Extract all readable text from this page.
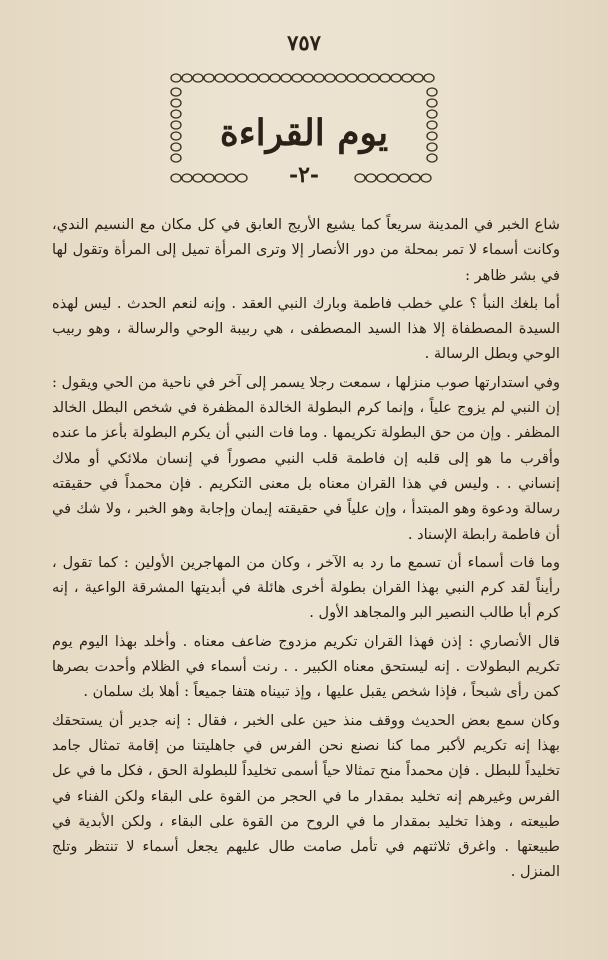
٧٥٧
يوم القراءة
-٢-

شاع الخبر في المدينة سريعاً كما يشيع الأريج العابق في كل مكان مع النسيم الندي، وكانت أسماء لا تمر بمحلة من دور الأنصار إلا وترى المرأة تميل إلى المرأة وتقول لها في بشر ظاهر :

أما بلغك النبأ ؟ علي خطب فاطمة وبارك النبي العقد . وإنه لنعم الحدث . ليس لهذه السيدة المصطفاة إلا هذا السيد المصطفى ، هي ربيبة الوحي والرسالة ، وهو ربيب الوحي وبطل الرسالة .

وفي استدارتها صوب منزلها ، سمعت رجلا يسمر إلى آخر في ناحية من الحي ويقول : إن النبي لم يزوج علياً ، وإنما كرم البطولة الخالدة المظفرة في شخص البطل الخالد المظفر . وإن من حق البطولة تكريمها . وما فات النبي أن يكرم البطولة بأعز ما عنده وأقرب ما هو إلى قلبه إن فاطمة قلب النبي مصوراً في إنسان ملائكي أو ملاك إنساني . . وليس في هذا القران معناه بل معنى التكريم . فإن محمداً في حقيقته رسالة ودعوة وهو المبتدأ ، وإن علياً في حقيقته إيمان وإجابة وهو الخبر ، ولا شك في أن فاطمة رابطة الإسناد .

وما فات أسماء أن تسمع ما رد به الآخر ، وكان من المهاجرين الأولين : كما تقول ، رأيناً لقد كرم النبي بهذا القران بطولة أخرى هائلة في أبديتها المشرقة الواعية ، إنه كرم أبا طالب النصير البر والمجاهد الأول .

قال الأنصاري : إذن فهذا القران تكريم مزدوج ضاعف معناه . وأخلد بهذا اليوم يوم تكريم البطولات . إنه ليستحق معناه الكبير . . رنت أسماء في الظلام وأحدت بصرها كمن رأى شبحاً ، فإذا شخص يقبل عليها ، وإذ تبيناه هتفا جميعاً : أهلا بك سلمان .

وكان سمع بعض الحديث ووقف منذ حين على الخبر ، فقال : إنه جدير أن يستحقك بهذا إنه تكريم لأكبر مما كنا نصنع نحن الفرس في جاهليتنا من إقامة تمثال جامد تخليداً للبطل . فإن محمداً منح تمثالا حياً أسمى تخليداً للبطولة الحق ، فكل ما في عل الفرس وغيرهم إنه تخليد بمقدار ما في الحجر من القوة على البقاء ولكن الفناء في طبيعته ، وهذا تخليد بمقدار ما في الروح من القوة على البقاء ، ولكن الأبدية في طبيعتها . واغرق ثلاثتهم في تأمل صامت طال عليهم يجعل أسماء لا تنتظر وتلج المنزل .
